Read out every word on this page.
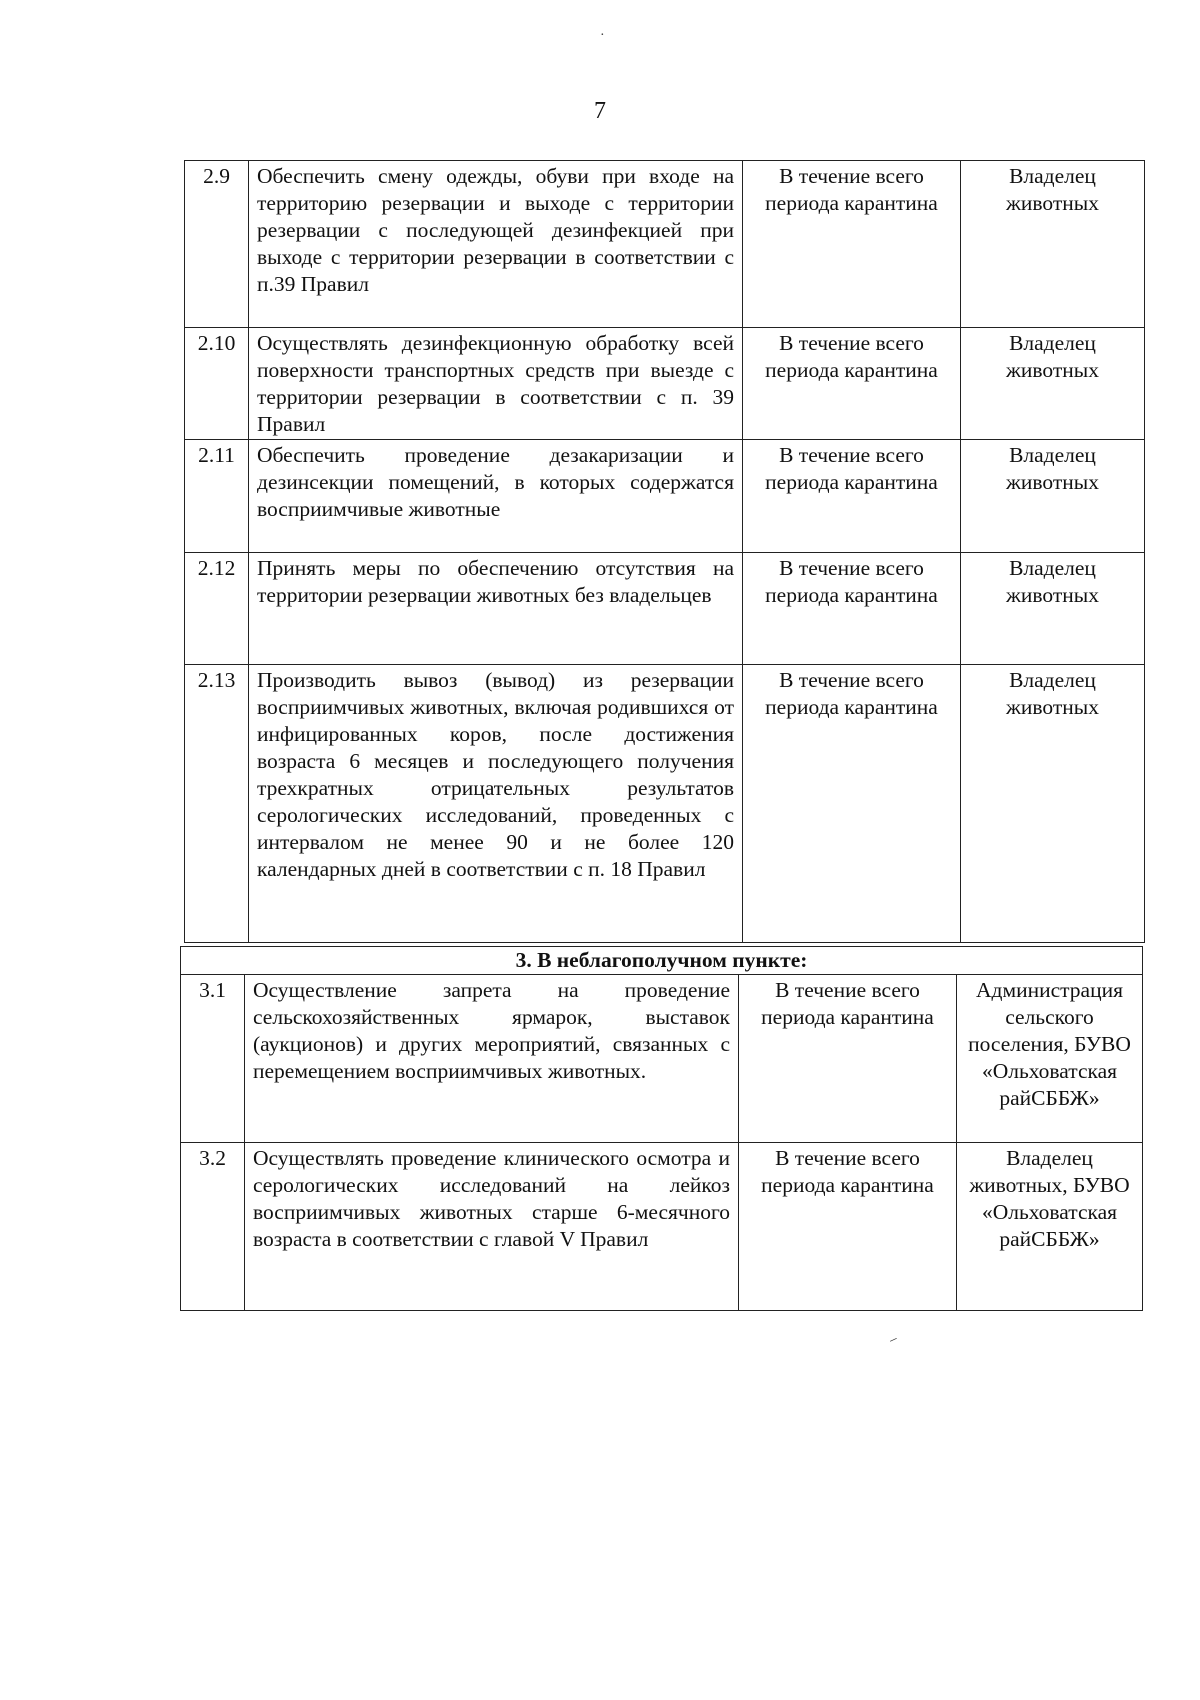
7
2.9	Обеспечить смену одежды, обуви при входе на территорию резервации и выходе с территории резервации с последующей дезинфекцией при выходе с территории резервации в соответствии с п.39 Правил	В течение всего периода карантина	Владелец животных
2.10	Осуществлять дезинфекционную обработку всей поверхности транспортных средств при выезде с территории резервации в соответствии с п. 39 Правил	В течение всего периода карантина	Владелец животных
2.11	Обеспечить проведение дезакаризации и дезинсекции помещений, в которых содержатся восприимчивые животные	В течение всего периода карантина	Владелец животных
2.12	Принять меры по обеспечению отсутствия на территории резервации животных без владельцев	В течение всего периода карантина	Владелец животных
2.13	Производить вывоз (вывод) из резервации восприимчивых животных, включая родившихся от инфицированных коров, после достижения возраста 6 месяцев и последующего получения трехкратных отрицательных результатов серологических исследований, проведенных с интервалом не менее 90 и не более 120 календарных дней в соответствии с п. 18 Правил	В течение всего периода карантина	Владелец животных
3. В неблагополучном пункте:			
3.1	Осуществление запрета на проведение сельскохозяйственных ярмарок, выставок (аукционов) и других мероприятий, связанных с перемещением восприимчивых животных.	В течение всего периода карантина	Администрация сельского поселения, БУВО «Ольховатская райСББЖ»
3.2	Осуществлять проведение клинического осмотра и серологических исследований на лейкоз восприимчивых животных старше 6-месячного возраста в соответствии с главой V Правил	В течение всего периода карантина	Владелец животных, БУВО «Ольховатская райСББЖ»
·
–
